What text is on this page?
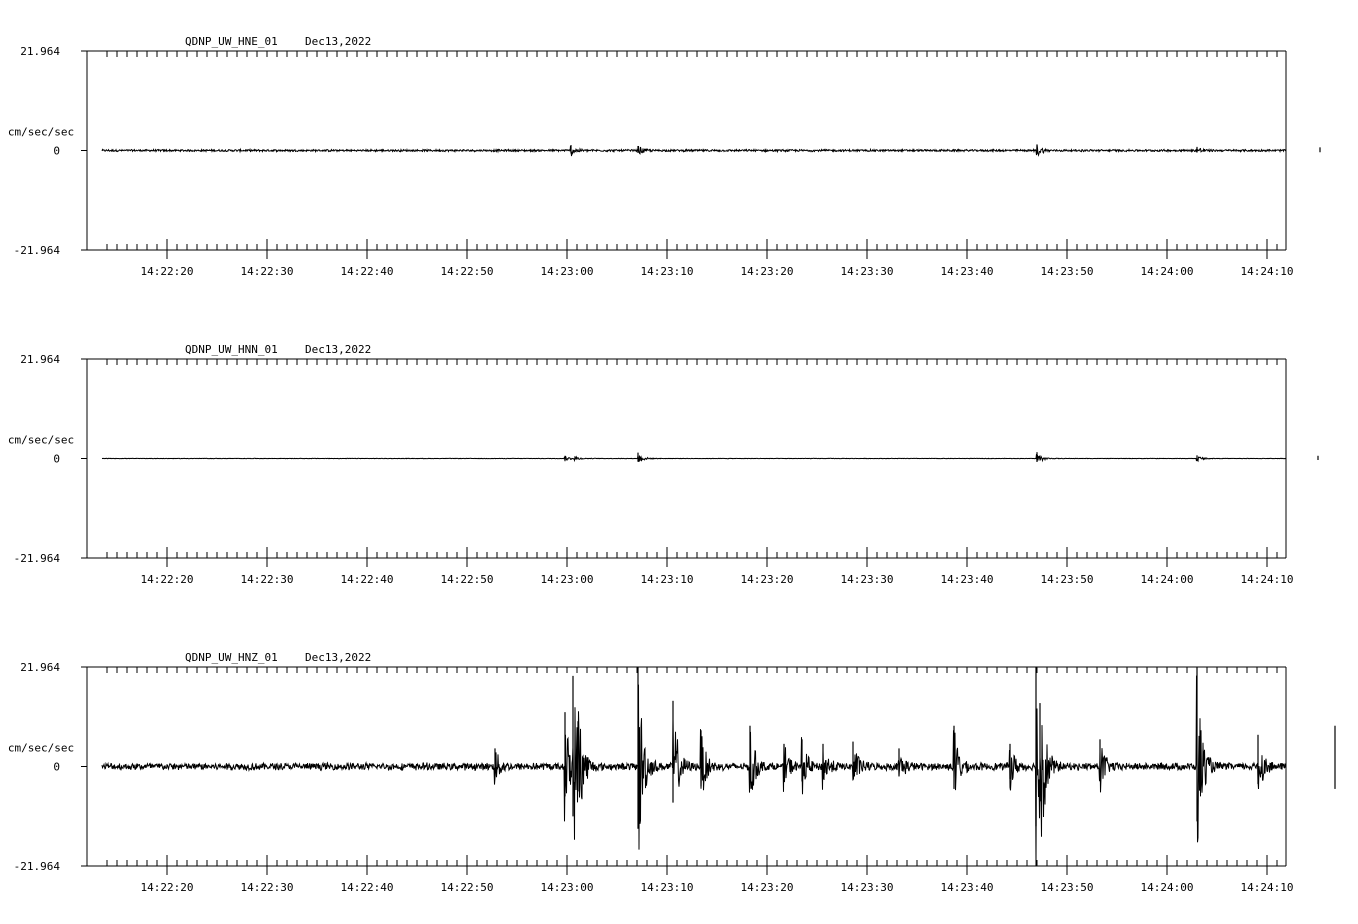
21.964
0
-21.964
cm/sec/sec
QDNP_UW_HNE_01 Dec13,2022
14:22:20	14:22:30	14:22:40	14:22:50	14:23:00	14:23:10	14:23:20	14:23:30	14:23:40	14:23:50	14:24:00	14:24:10
21.964
0
-21.964
cm/sec/sec
QDNP_UW_HNN_01 Dec13,2022
14:22:20	14:22:30	14:22:40	14:22:50	14:23:00	14:23:10	14:23:20	14:23:30	14:23:40	14:23:50	14:24:00	14:24:10
21.964
0
-21.964
cm/sec/sec
QDNP_UW_HNZ_01 Dec13,2022
14:22:20	14:22:30	14:22:40	14:22:50	14:23:00	14:23:10	14:23:20	14:23:30	14:23:40	14:23:50	14:24:00	14:24:10
